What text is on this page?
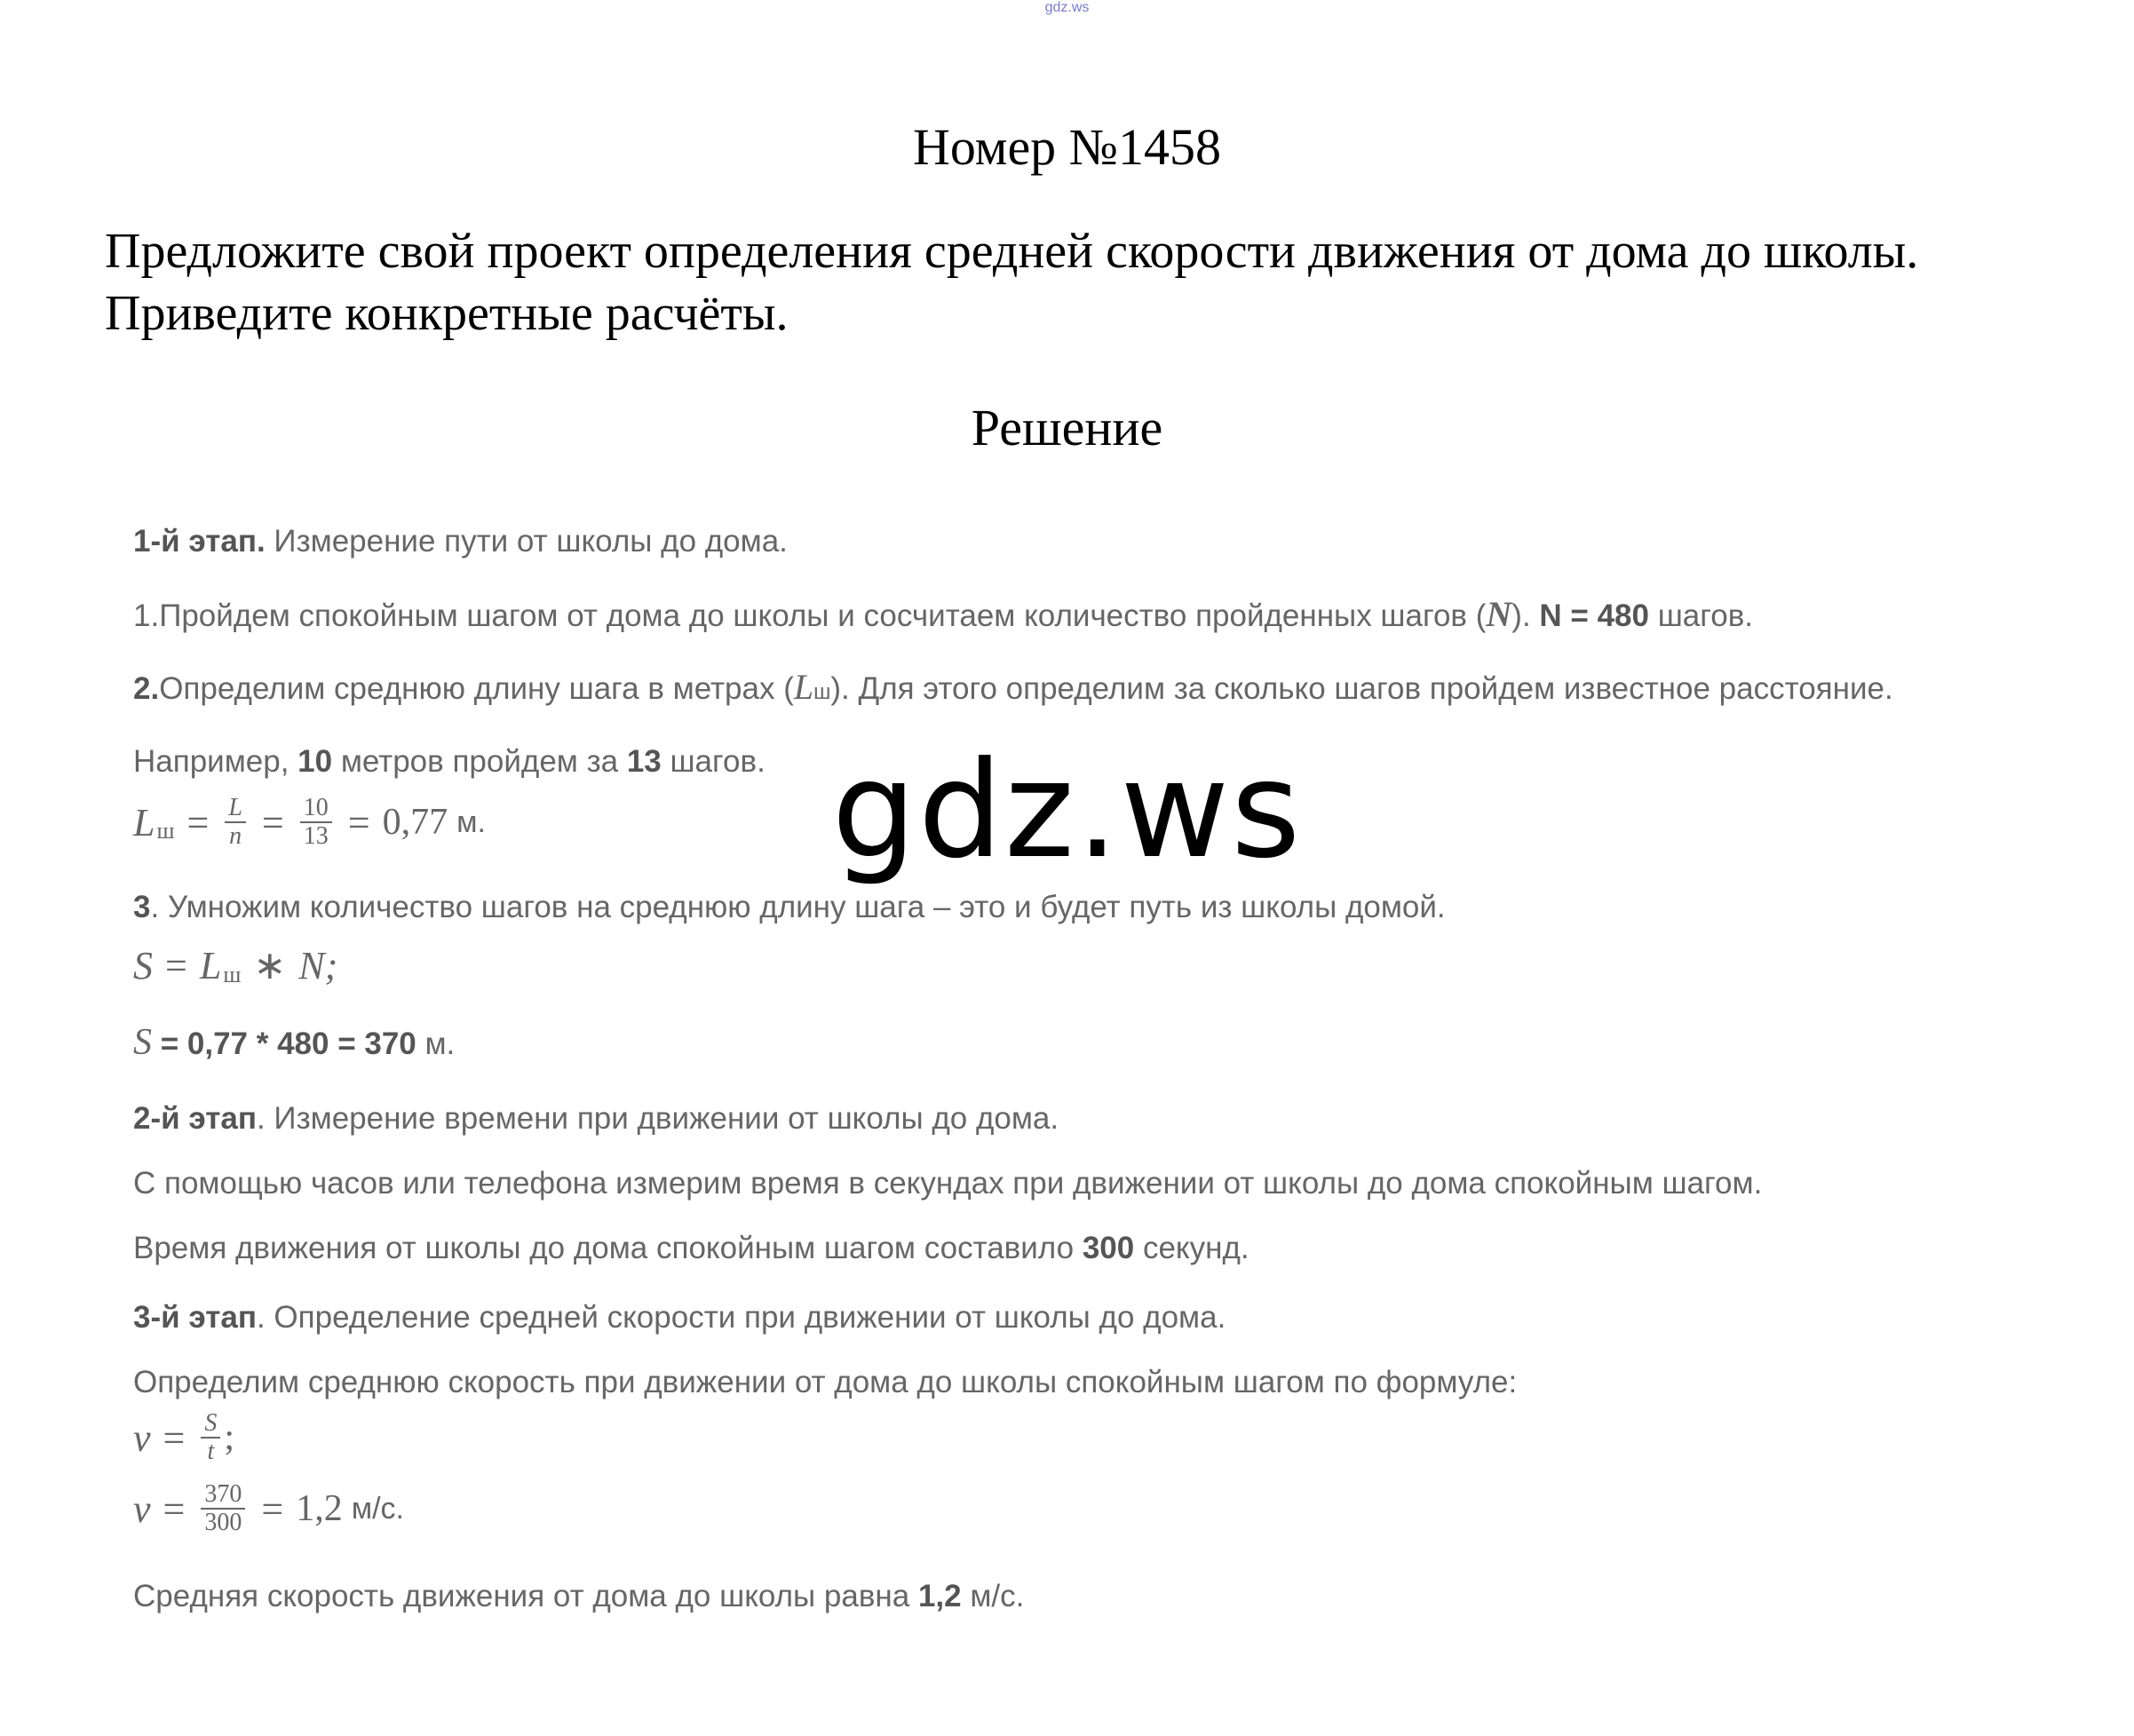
gdz.ws
Номер №1458
Предложите свой проект определения средней скорости движения от дома до школы. Приведите конкретные расчёты.
Решение
1-й этап. Измерение пути от школы до дома.
1.Пройдем спокойным шагом от дома до школы и сосчитаем количество пройденных шагов (N). N = 480 шагов.
2.Определим среднюю длину шага в метрах (Lш). Для этого определим за сколько шагов пройдем известное расстояние.
Например, 10 метров пройдем за 13 шагов.
L $ш = \frac{L}{n} = \frac{10}{13} = 0,77$ м.
3. Умножим количество шагов на среднюю длину шага – это и будет путь из школы домой.
S = L ш ∗ N;
S = 0,77 * 480 = 370 м.
2-й этап. Измерение времени при движении от школы до дома.
С помощью часов или телефона измерим время в секундах при движении от школы до дома спокойным шагом.
Время движения от школы до дома спокойным шагом составило 300 секунд.
3-й этап. Определение средней скорости при движении от школы до дома.
Определим среднюю скорость при движении от дома до школы спокойным шагом по формуле:
$v = \frac{S}{t}$ ;
$v = \frac{370}{300} = 1,2$ м/с.
Средняя скорость движения от дома до школы равна 1,2 м/с.
gdz.ws
